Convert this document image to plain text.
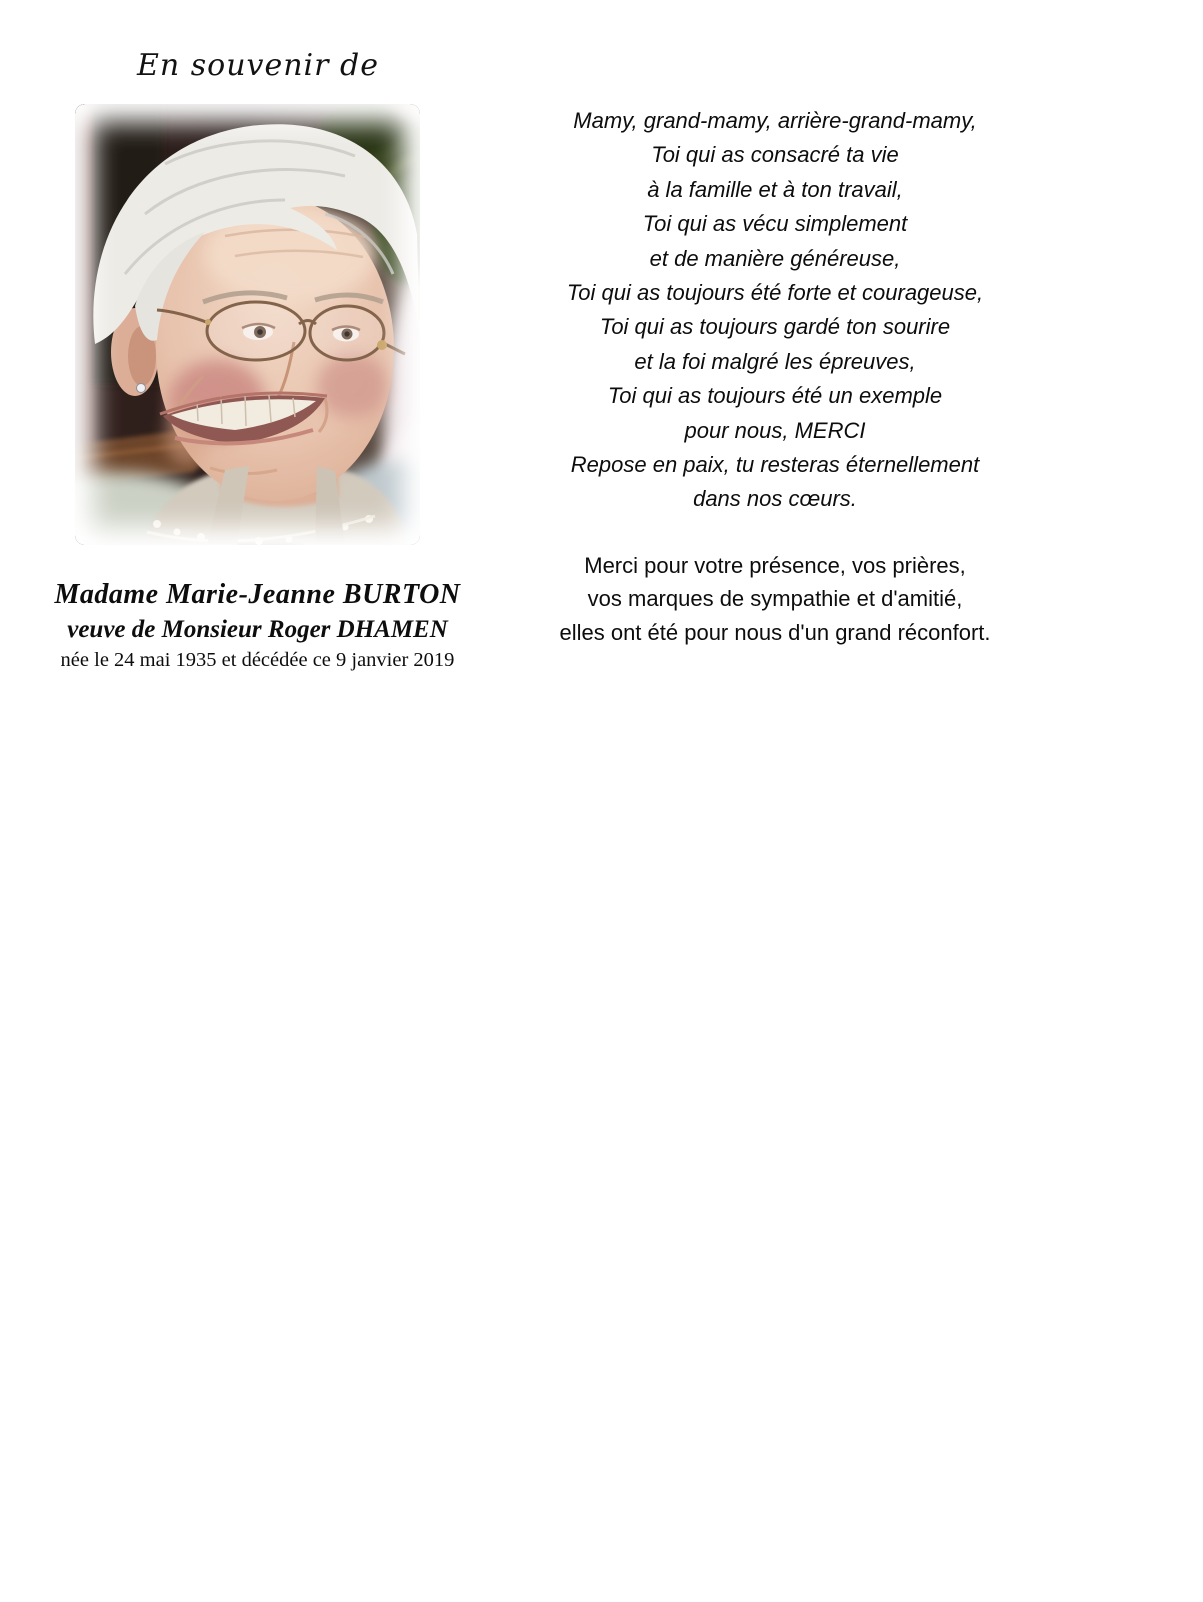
En souvenir de
Madame Marie-Jeanne BURTON
veuve de Monsieur Roger DHAMEN
née le 24 mai 1935 et décédée ce 9 janvier 2019
Mamy, grand-mamy, arrière-grand-mamy,
Toi qui as consacré ta vie
à la famille et à ton travail,
Toi qui as vécu simplement
et de manière généreuse,
Toi qui as toujours été forte et courageuse,
Toi qui as toujours gardé ton sourire
et la foi malgré les épreuves,
Toi qui as toujours été un exemple
pour nous, MERCI
Repose en paix, tu resteras éternellement
dans nos cœurs.
Merci pour votre présence, vos prières,
vos marques de sympathie et d'amitié,
elles ont été pour nous d'un grand réconfort.
